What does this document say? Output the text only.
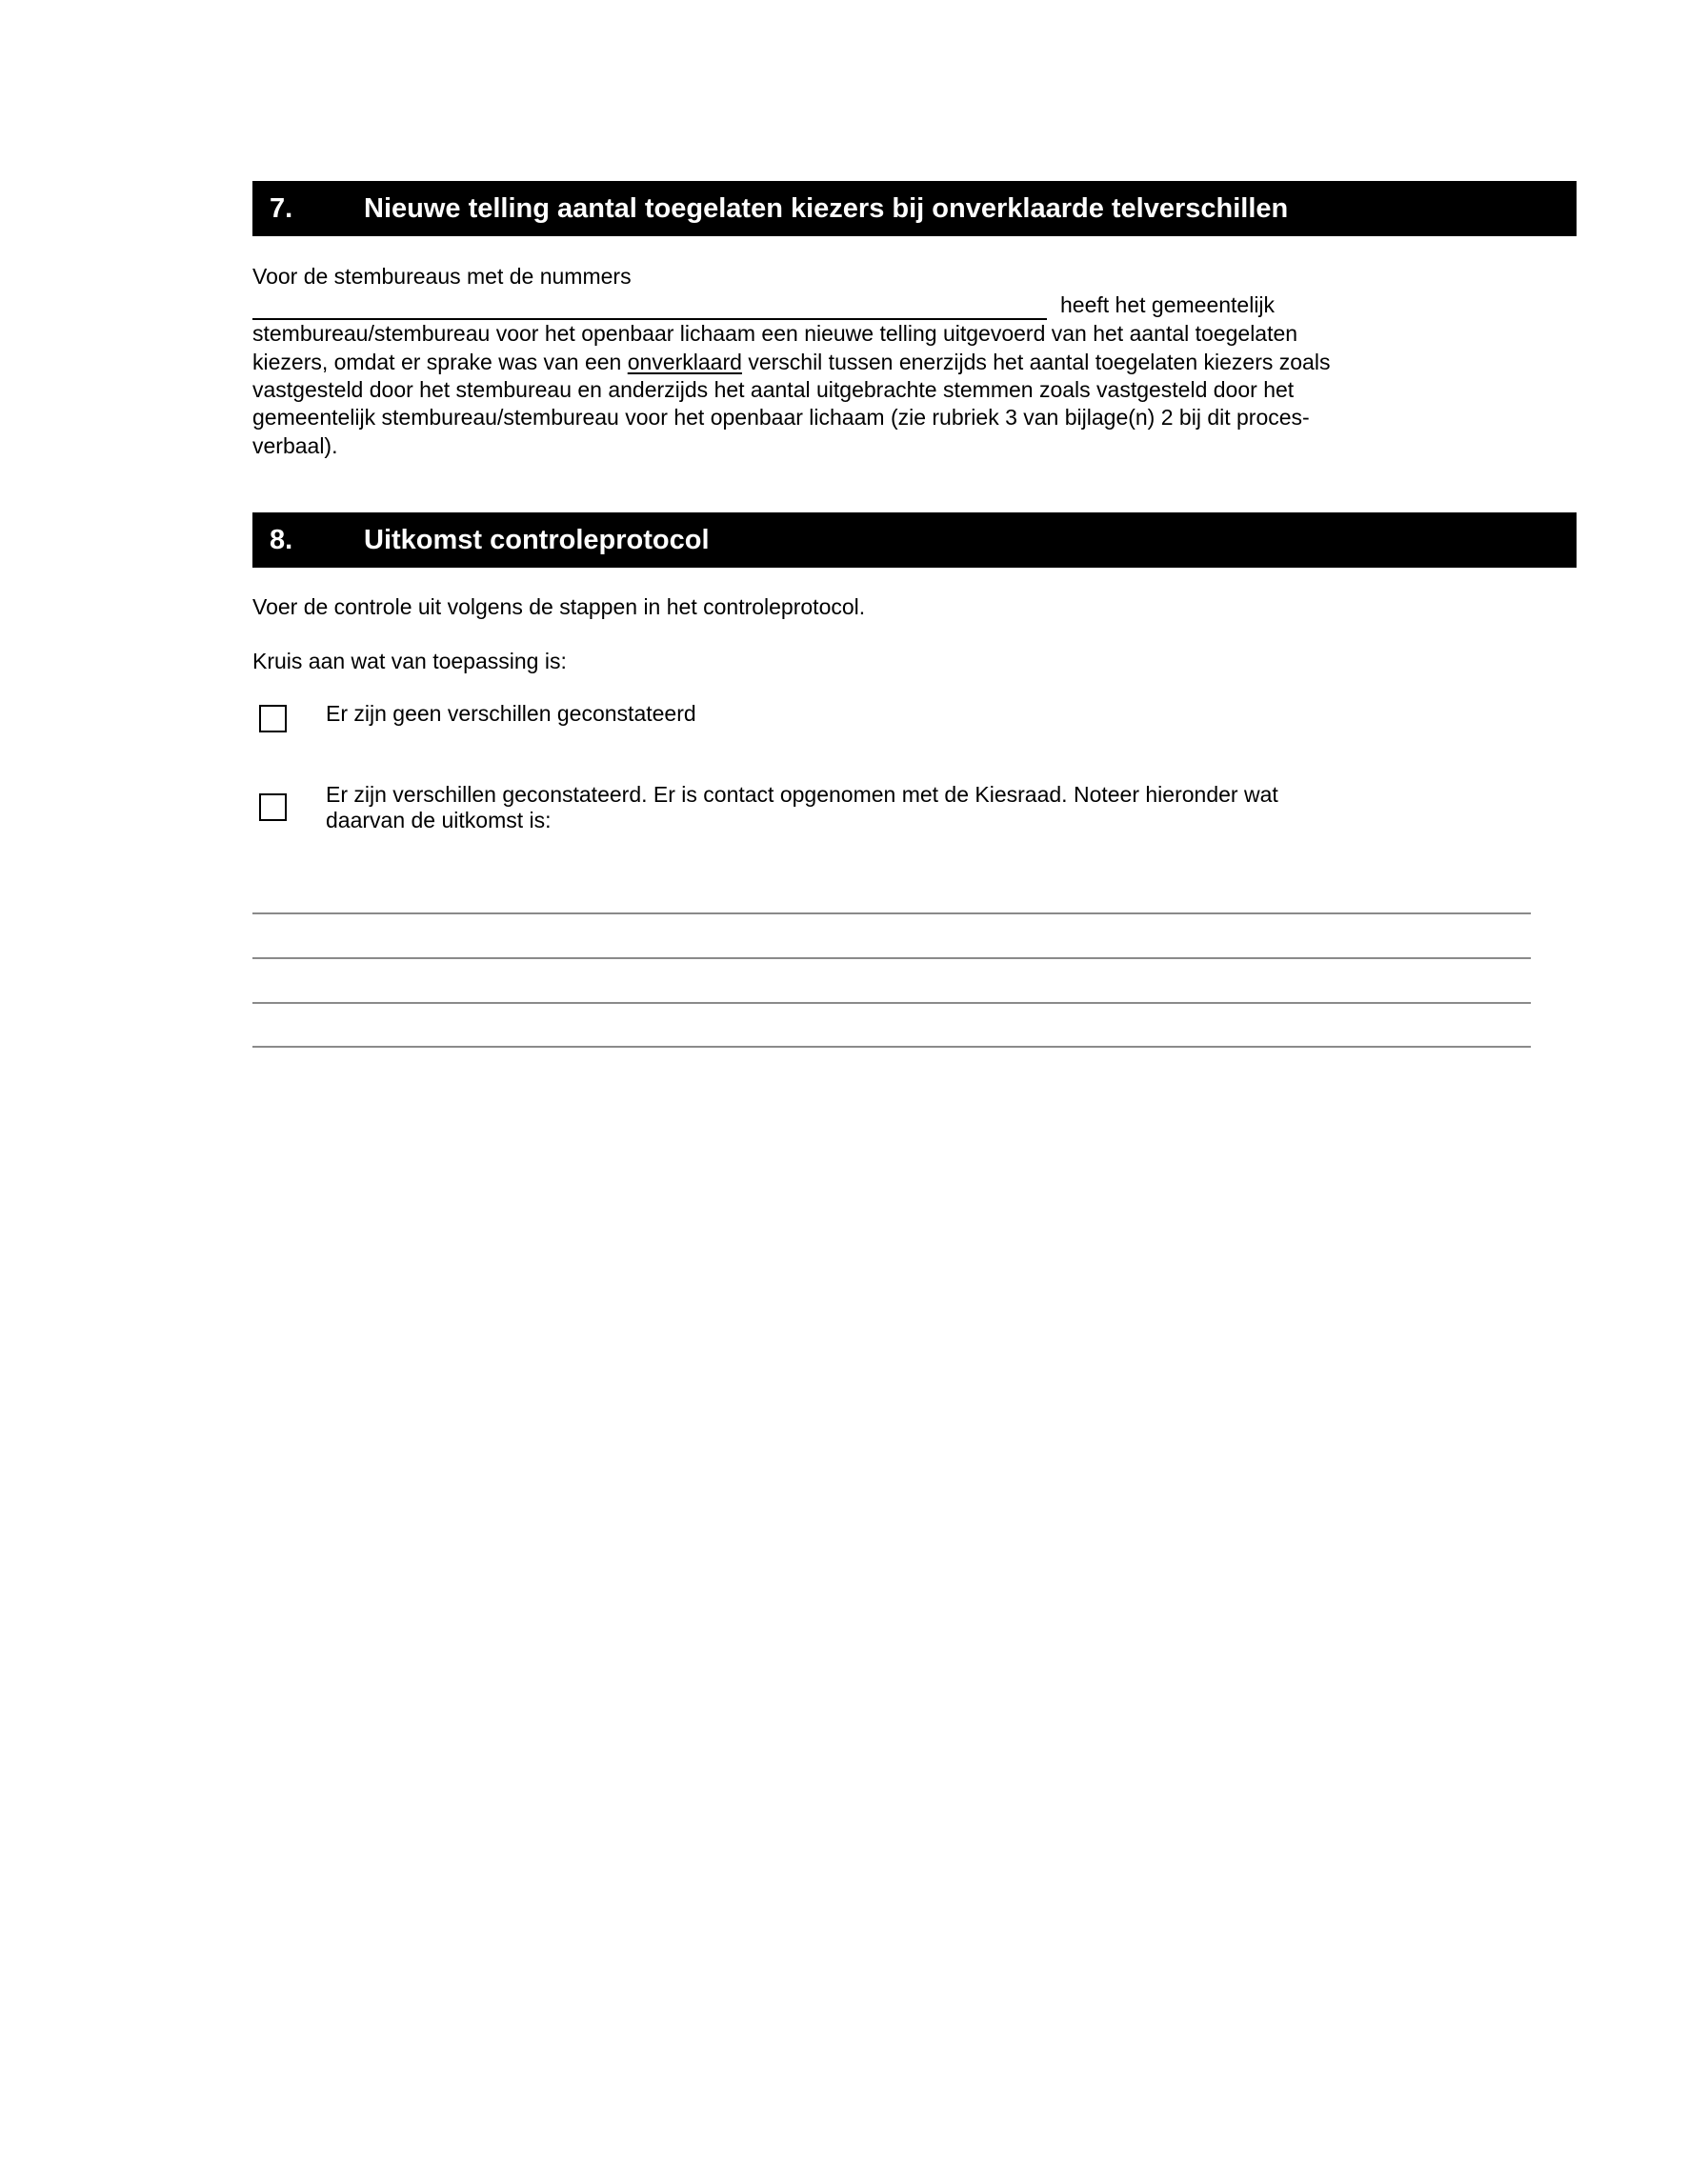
7.	Nieuwe telling aantal toegelaten kiezers bij onverklaarde telverschillen
Voor de stembureaus met de nummers
heeft het gemeentelijk
stembureau/stembureau voor het openbaar lichaam een nieuwe telling uitgevoerd van het aantal toegelaten
kiezers, omdat er sprake was van een onverklaard verschil tussen enerzijds het aantal toegelaten kiezers zoals
vastgesteld door het stembureau en anderzijds het aantal uitgebrachte stemmen zoals vastgesteld door het
gemeentelijk stembureau/stembureau voor het openbaar lichaam (zie rubriek 3 van bijlage(n) 2 bij dit proces-
verbaal).
8.	Uitkomst controleprotocol
Voer de controle uit volgens de stappen in het controleprotocol.
Kruis aan wat van toepassing is:
Er zijn geen verschillen geconstateerd
Er zijn verschillen geconstateerd. Er is contact opgenomen met de Kiesraad. Noteer hieronder wat
daarvan de uitkomst is:
